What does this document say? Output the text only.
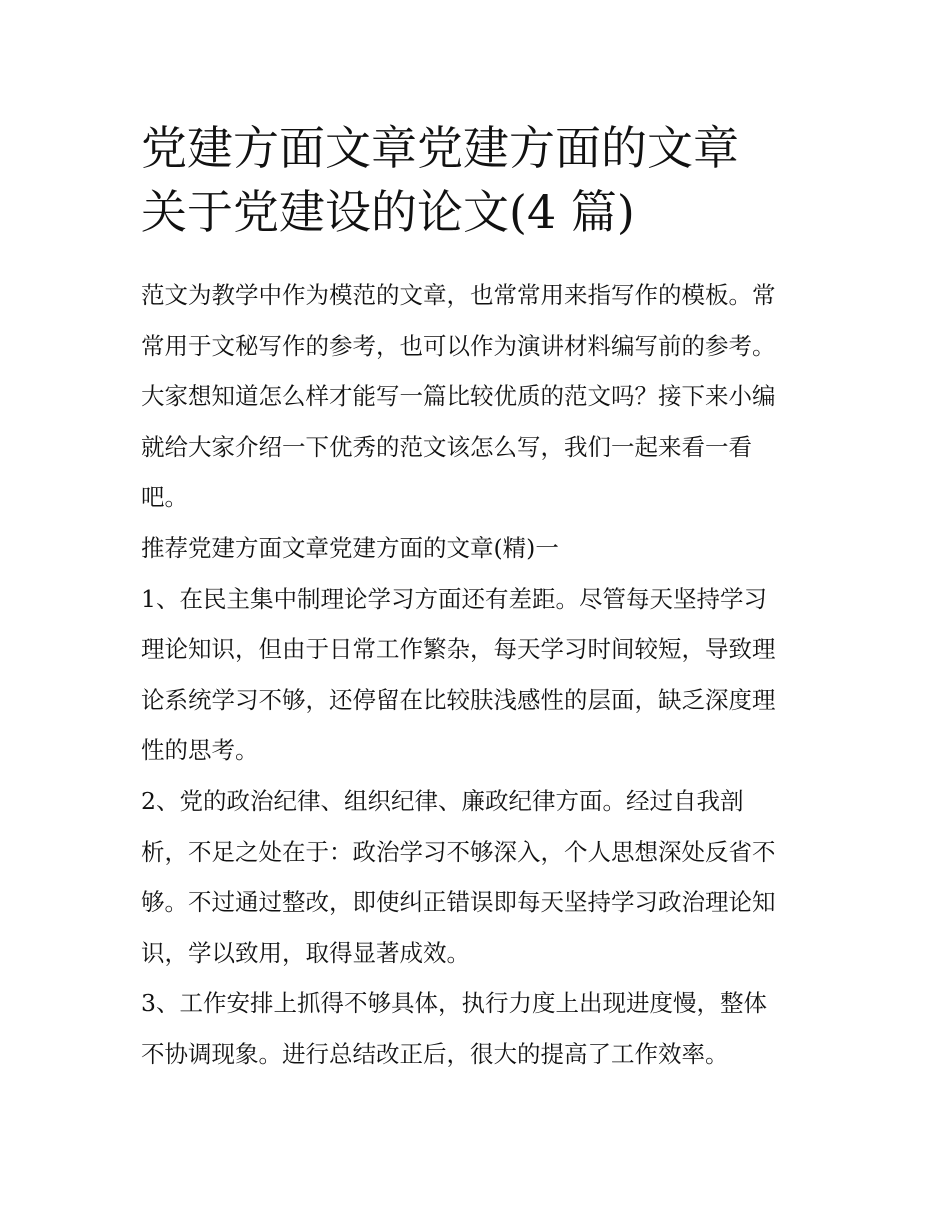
党建方面文章党建方面的文章
关于党建设的论文(4 篇)

范文为教学中作为模范的文章，也常常用来指写作的模板。常
常用于文秘写作的参考，也可以作为演讲材料编写前的参考。
大家想知道怎么样才能写一篇比较优质的范文吗？接下来小编
就给大家介绍一下优秀的范文该怎么写，我们一起来看一看
吧。

推荐党建方面文章党建方面的文章(精)一

1、在民主集中制理论学习方面还有差距。尽管每天坚持学习
理论知识，但由于日常工作繁杂，每天学习时间较短，导致理
论系统学习不够，还停留在比较肤浅感性的层面，缺乏深度理
性的思考。

2、党的政治纪律、组织纪律、廉政纪律方面。经过自我剖
析，不足之处在于：政治学习不够深入，个人思想深处反省不
够。不过通过整改，即使纠正错误即每天坚持学习政治理论知
识，学以致用，取得显著成效。

3、工作安排上抓得不够具体，执行力度上出现进度慢，整体
不协调现象。进行总结改正后，很大的提高了工作效率。
